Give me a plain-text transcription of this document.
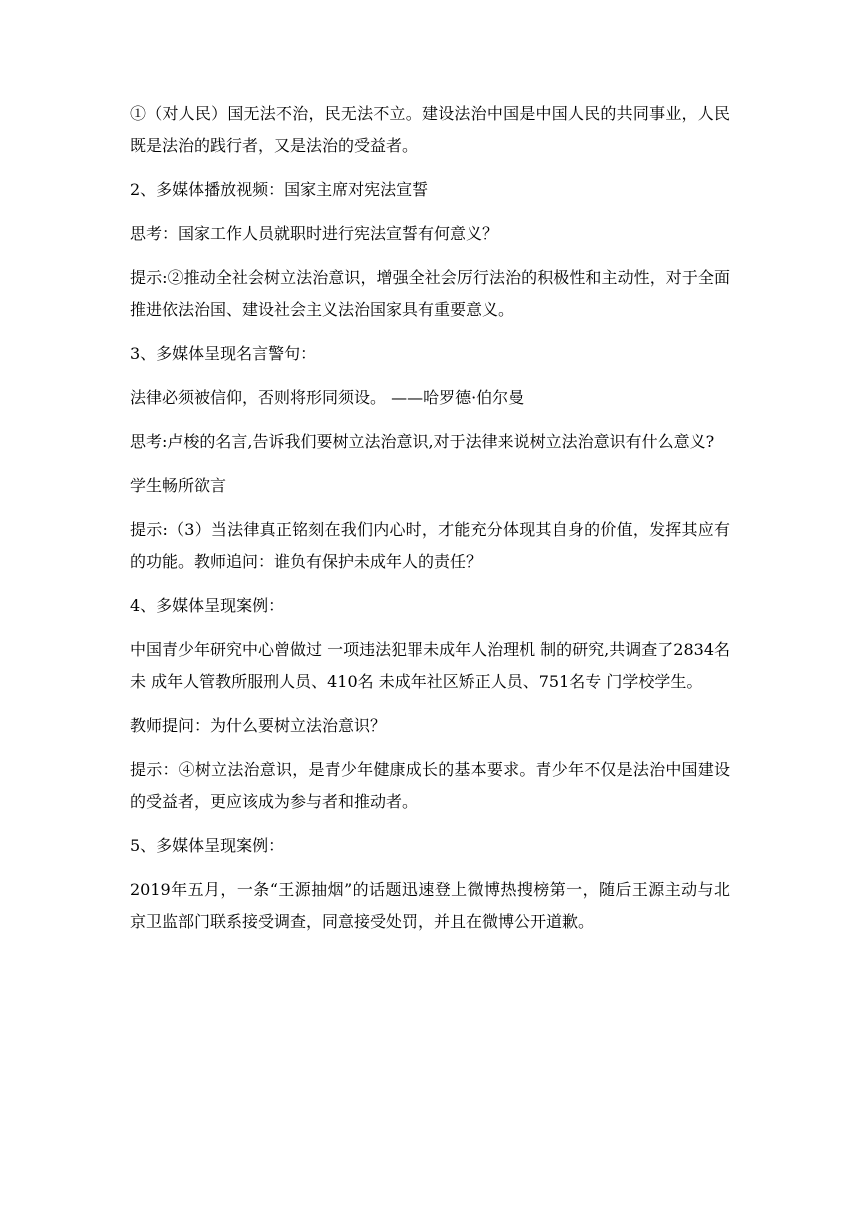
①（对人民）国无法不治，民无法不立。建设法治中国是中国人民的共同事业，人民既是法治的践行者，又是法治的受益者。

2、多媒体播放视频：国家主席对宪法宣誓

思考：国家工作人员就职时进行宪法宣誓有何意义？

提示:②推动全社会树立法治意识，增强全社会厉行法治的积极性和主动性，对于全面推进依法治国、建设社会主义法治国家具有重要意义。

3、多媒体呈现名言警句：

法律必须被信仰，否则将形同须设。 ——哈罗德·伯尔曼

思考:卢梭的名言,告诉我们要树立法治意识,对于法律来说树立法治意识有什么意义?

学生畅所欲言

提示:（3）当法律真正铭刻在我们内心时，才能充分体现其自身的价值，发挥其应有的功能。教师追问：谁负有保护未成年人的责任？

4、多媒体呈现案例：

中国青少年研究中心曾做过 一项违法犯罪未成年人治理机 制的研究,共调查了2834名未 成年人管教所服刑人员、410名 未成年社区矫正人员、751名专 门学校学生。

教师提问：为什么要树立法治意识？

提示：④树立法治意识，是青少年健康成长的基本要求。青少年不仅是法治中国建设的受益者，更应该成为参与者和推动者。

5、多媒体呈现案例：

2019年五月，一条“王源抽烟”的话题迅速登上微博热搜榜第一，随后王源主动与北京卫监部门联系接受调查，同意接受处罚，并且在微博公开道歉。
